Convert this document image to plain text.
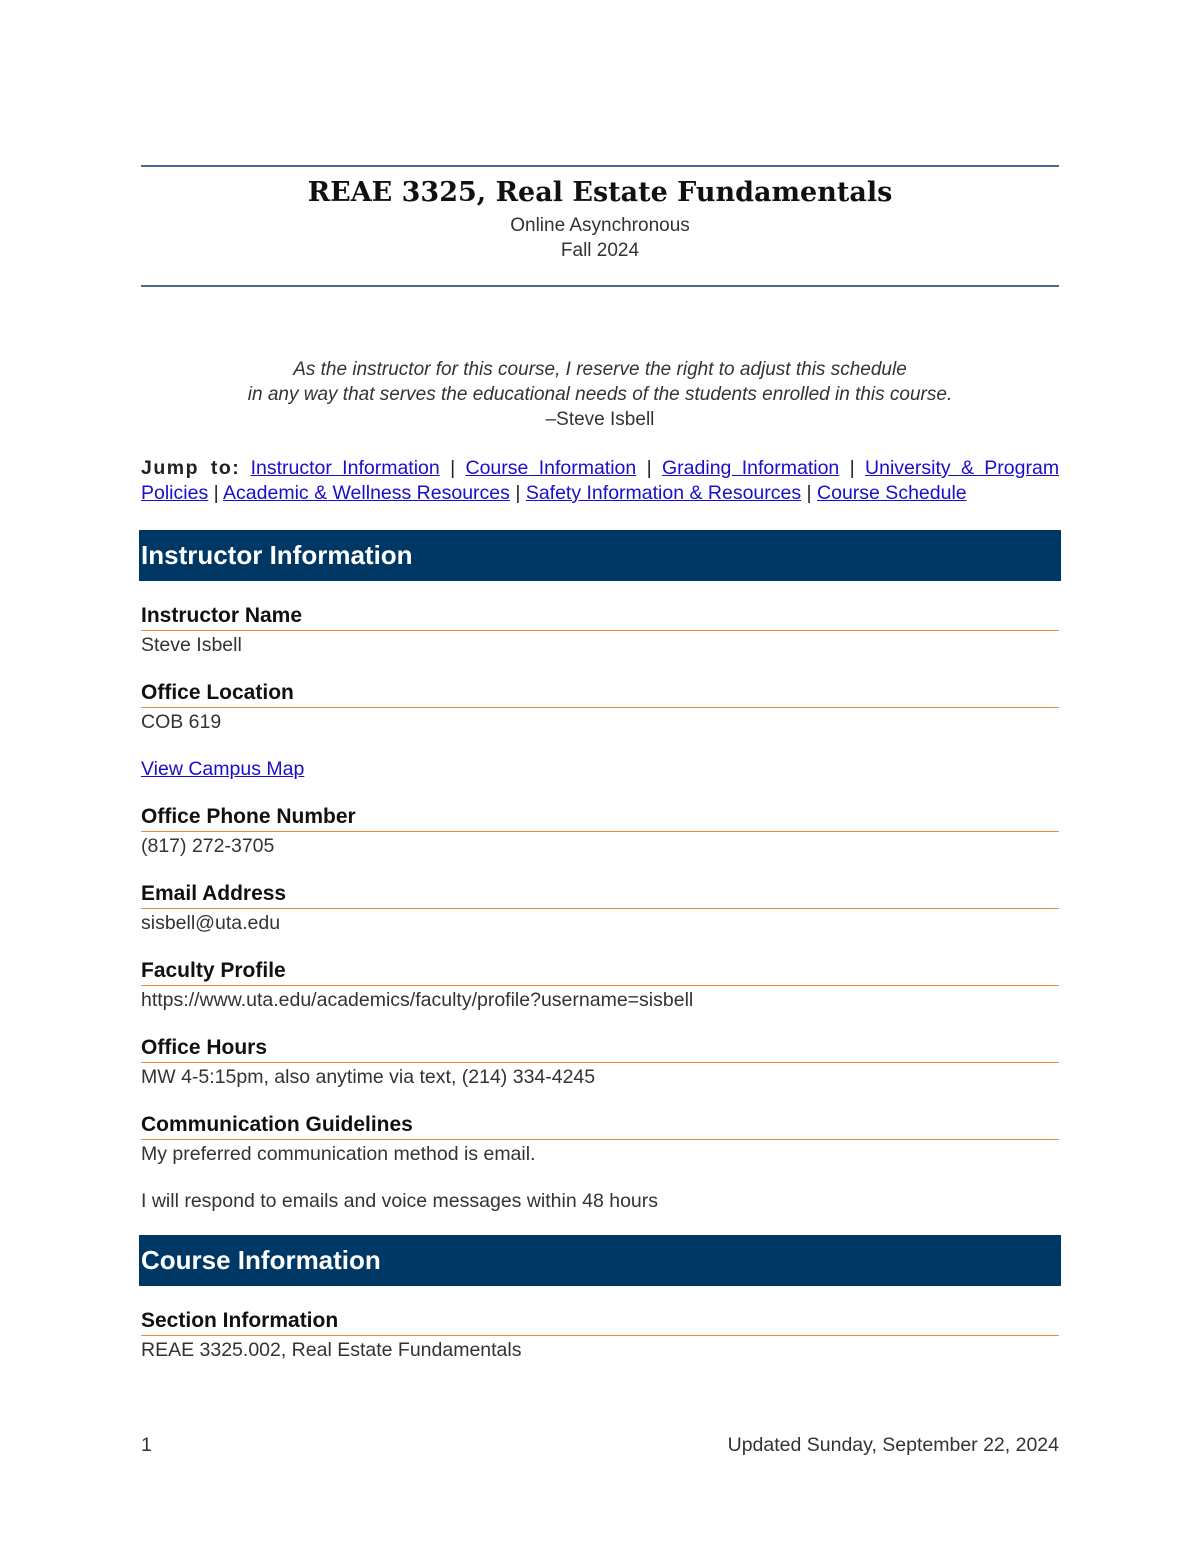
REAE 3325, Real Estate Fundamentals
Online Asynchronous
Fall 2024
As the instructor for this course, I reserve the right to adjust this schedule
in any way that serves the educational needs of the students enrolled in this course.
–Steve Isbell
Jump to: Instructor Information | Course Information | Grading Information | University & Program Policies | Academic & Wellness Resources | Safety Information & Resources | Course Schedule
Instructor Information
Instructor Name
Steve Isbell
Office Location
COB 619
View Campus Map
Office Phone Number
(817) 272-3705
Email Address
sisbell@uta.edu
Faculty Profile
https://www.uta.edu/academics/faculty/profile?username=sisbell
Office Hours
MW 4-5:15pm, also anytime via text, (214) 334-4245
Communication Guidelines
My preferred communication method is email.
I will respond to emails and voice messages within 48 hours
Course Information
Section Information
REAE 3325.002, Real Estate Fundamentals
1	Updated Sunday, September 22, 2024
